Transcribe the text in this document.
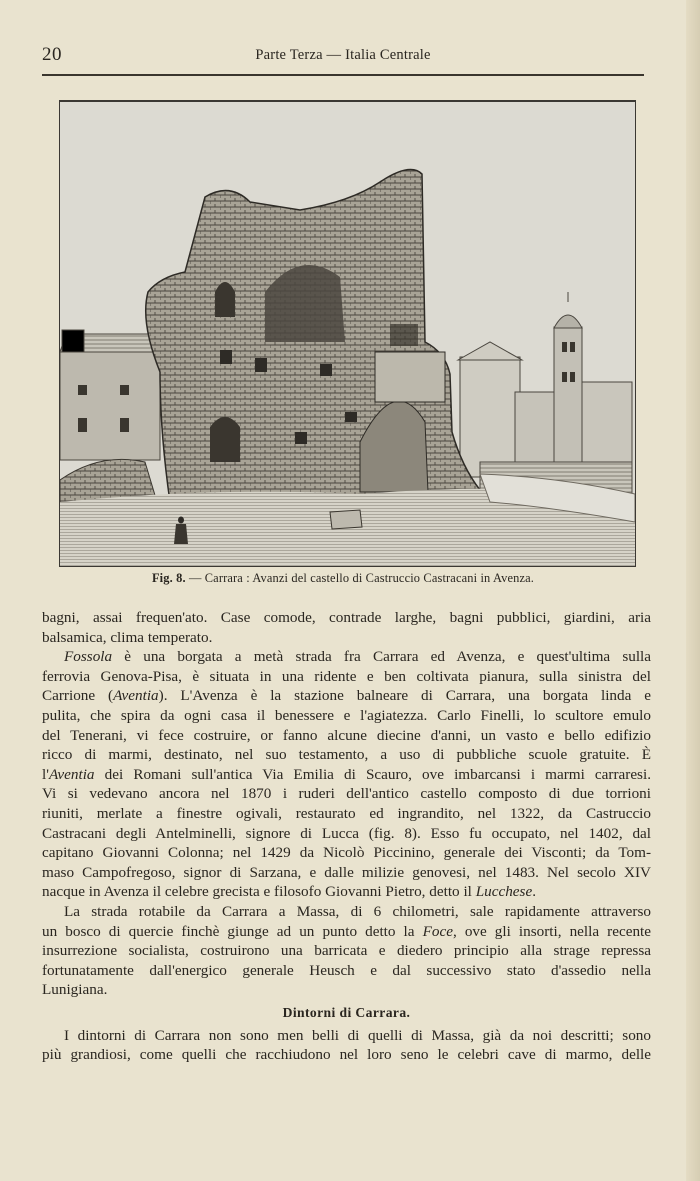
20	Parte Terza — Italia Centrale
Fig. 8. — Carrara : Avanzi del castello di Castruccio Castracani in Avenza.
bagni, assai frequen'ato. Case comode, contrade larghe, bagni pubblici, giardini, aria
balsamica, clima temperato.
Fossola è una borgata a metà strada fra Carrara ed Avenza, e quest'ultima sulla
ferrovia Genova-Pisa, è situata in una ridente e ben coltivata pianura, sulla sinistra del
Carrione (Aventia). L'Avenza è la stazione balneare di Carrara, una borgata linda e
pulita, che spira da ogni casa il benessere e l'agiatezza. Carlo Finelli, lo scultore emulo
del Tenerani, vi fece costruire, or fanno alcune diecine d'anni, un vasto e bello edifizio
ricco di marmi, destinato, nel suo testamento, a uso di pubbliche scuole gratuite. È
l'Aventia dei Romani sull'antica Via Emilia di Scauro, ove imbarcansi i marmi carraresi.
Vi si vedevano ancora nel 1870 i ruderi dell'antico castello composto di due torrioni
riuniti, merlate a finestre ogivali, restaurato ed ingrandito, nel 1322, da Castruccio
Castracani degli Antelminelli, signore di Lucca (fig. 8). Esso fu occupato, nel 1402, dal
capitano Giovanni Colonna; nel 1429 da Nicolò Piccinino, generale dei Visconti; da Tom-
maso Campofregoso, signor di Sarzana, e dalle milizie genovesi, nel 1483. Nel secolo XIV
nacque in Avenza il celebre grecista e filosofo Giovanni Pietro, detto il Lucchese.
La strada rotabile da Carrara a Massa, di 6 chilometri, sale rapidamente attraverso
un bosco di quercie finchè giunge ad un punto detto la Foce, ove gli insorti, nella recente
insurrezione socialista, costruirono una barricata e diedero principio alla strage repressa
fortunatamente dall'energico generale Heusch e dal successivo stato d'assedio nella
Lunigiana.
Dintorni di Carrara.
I dintorni di Carrara non sono men belli di quelli di Massa, già da noi descritti; sono
più grandiosi, come quelli che racchiudono nel loro seno le celebri cave di marmo, delle
